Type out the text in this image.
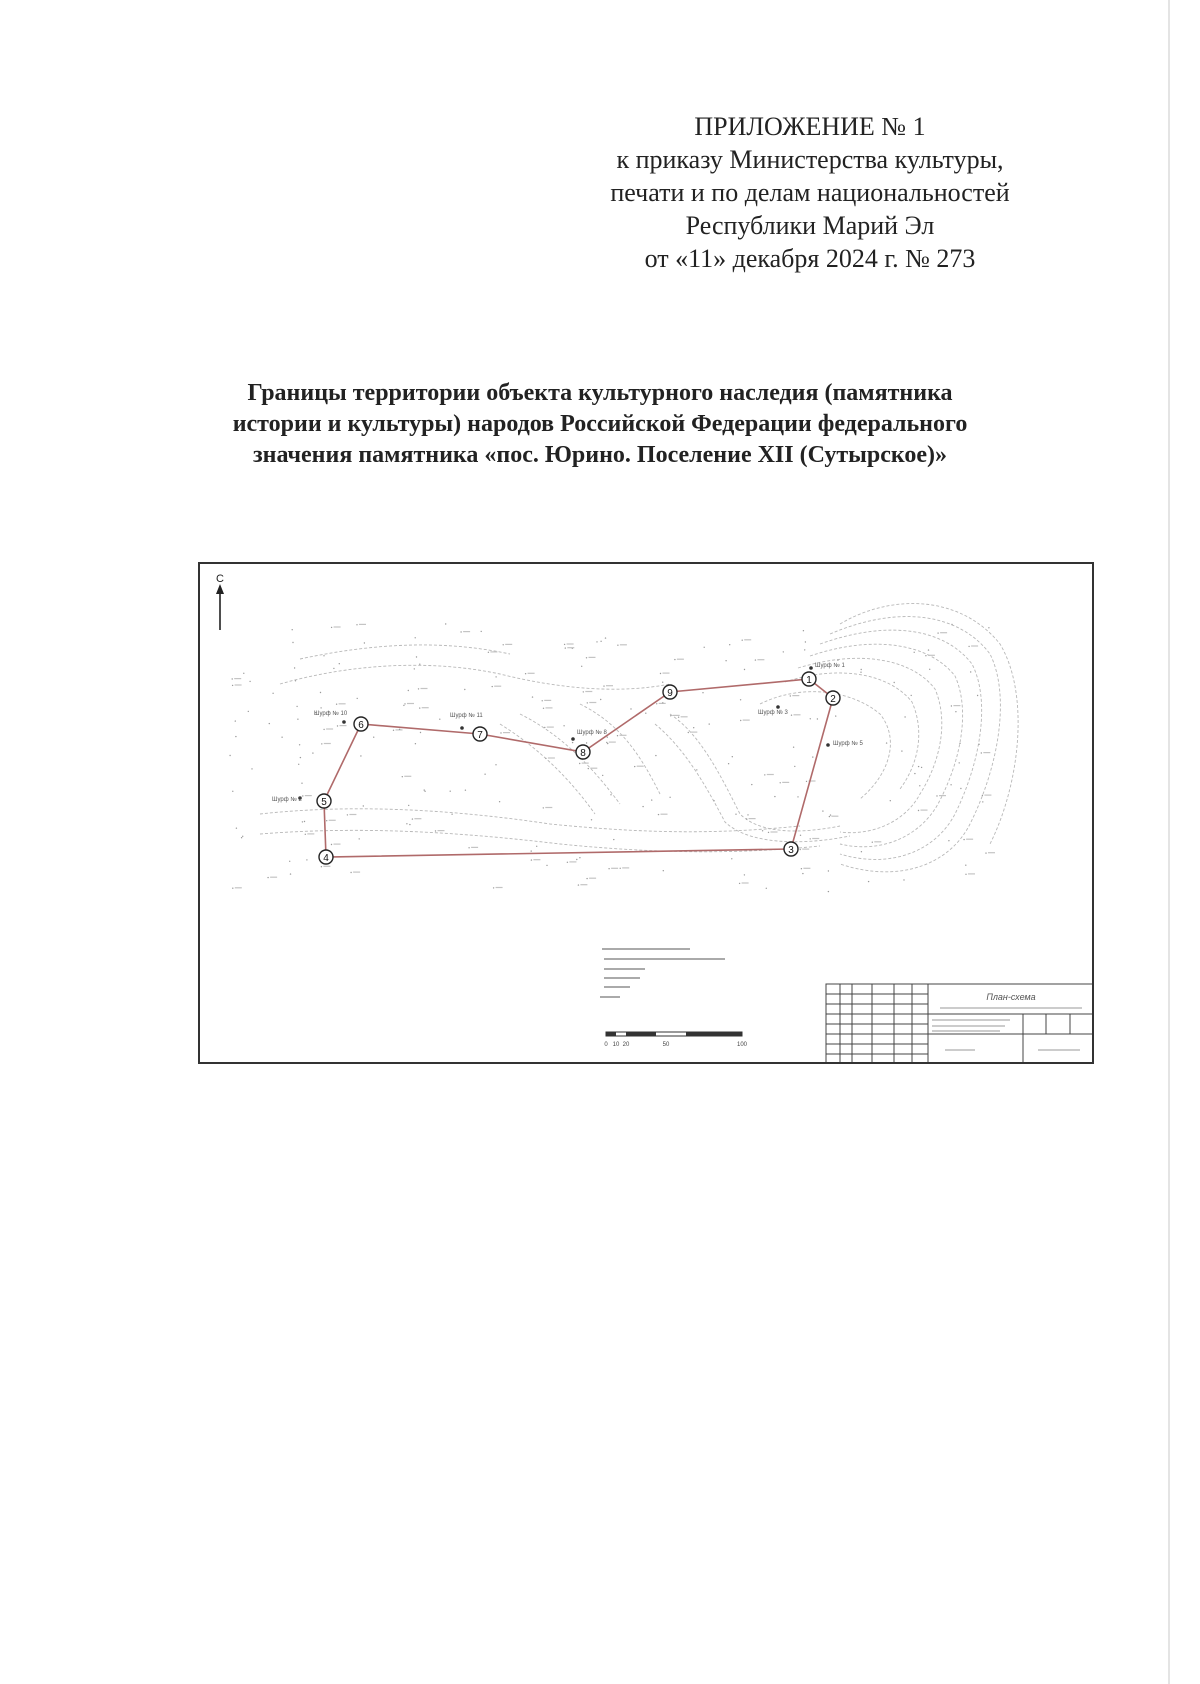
ПРИЛОЖЕНИЕ № 1
к приказу Министерства культуры,
печати и по делам национальностей
Республики Марий Эл
от «11» декабря 2024 г. № 273
Границы территории объекта культурного наследия (памятника
истории и культуры) народов Российской Федерации федерального
значения памятника «пос. Юрино. Поселение XII (Сутырское)»
С
1
2
3
4
5
6
7
8
9
Шурф № 1
Шурф № 3
Шурф № 5
Шурф № 10	Шурф № 11
Шурф № 8
Шурф № 2
0 10 20	50	100
План-схема
